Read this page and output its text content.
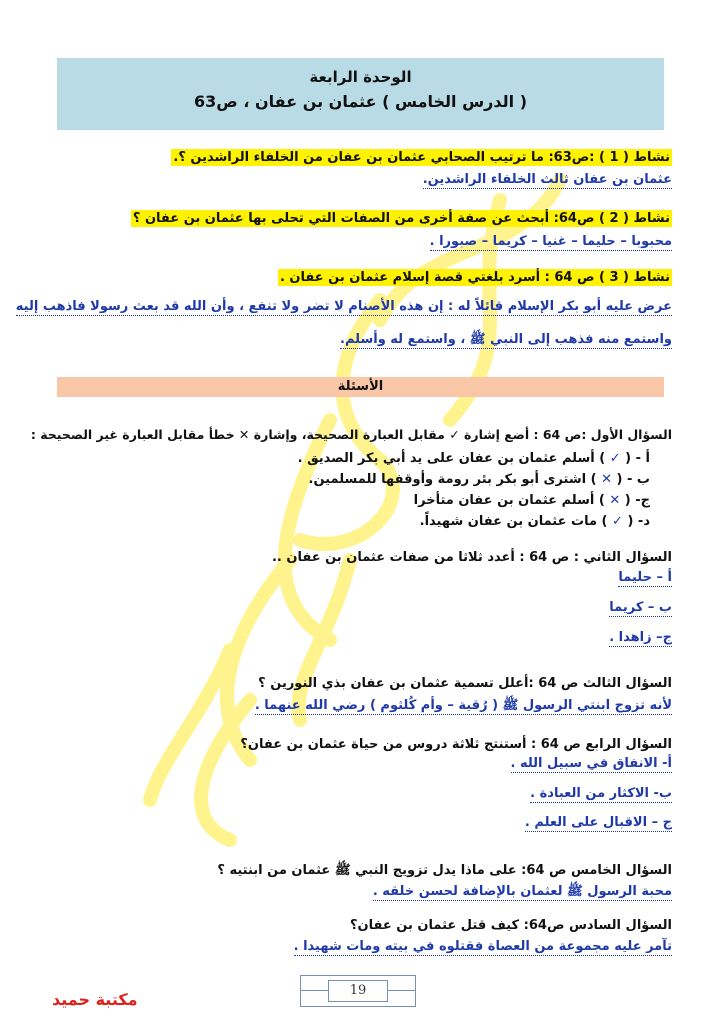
الوحدة الرابعة
( الدرس الخامس ) عثمان بن عفان ، ص63
نشاط ( 1 ) :ص63: ما ترتيب الصحابي عثمان بن عفان من الخلفاء الراشدين ؟.
عثمان بن عفان ثالث الخلفاء الراشدين.
نشاط ( 2 ) ص64: أبحث عن صفة أخرى من الصفات التي تحلى بها عثمان بن عفان ؟
محبوبا – حليما – غنيا – كريما – صبورا .
نشاط ( 3 ) ص 64 : أسرد بلغتي قصة إسلام عثمان بن عفان .
عرض عليه أبو بكر الإسلام قائلاً له : إن هذه الأصنام لا تضر ولا تنفع ، وأن الله قد بعث رسولا فاذهب إليه
واستمع منه فذهب إلى النبي ﷺ ، واستمع له وأسلم.
الأسئلة
السؤال الأول :ص 64 : أضع إشارة ✓ مقابل العبارة الصحيحة، وإشارة ✕ خطأ مقابل العبارة غير الصحيحة :
أ - ( ✓ ) أسلم عثمان بن عفان على يد أبي بكر الصديق .
ب - ( ✕ ) اشترى أبو بكر بئر رومة وأوقفها للمسلمين.
ج- ( ✕ ) أسلم عثمان بن عفان متأخرا
د- ( ✓ ) مات عثمان بن عفان شهيداً.
السؤال الثاني : ص 64 : أعدد ثلاثا من صفات عثمان بن عفان ..
أ – حليما
ب – كريما
ج– زاهدا .
السؤال الثالث ص 64 :أعلل تسمية عثمان بن عفان بذي النورين ؟
لأنه تزوج ابنتي الرسول ﷺ ( رُقية – وأم كُلثوم ) رضي الله عنهما .
السؤال الرابع ص 64 : أستنتج ثلاثة دروس من حياة عثمان بن عفان؟
أ- الانفاق في سبيل الله .
ب- الاكثار من العبادة .
ج – الاقبال على العلم .
السؤال الخامس ص 64: على ماذا يدل تزويج النبي ﷺ عثمان من ابنتيه ؟
محبة الرسول ﷺ لعثمان بالإضافة لحسن خلقه .
السؤال السادس ص64: كيف قتل عثمان بن عفان؟
تآمر عليه مجموعة من العصاة فقتلوه في بيته ومات شهيدا .
19
مكتبة حميد
